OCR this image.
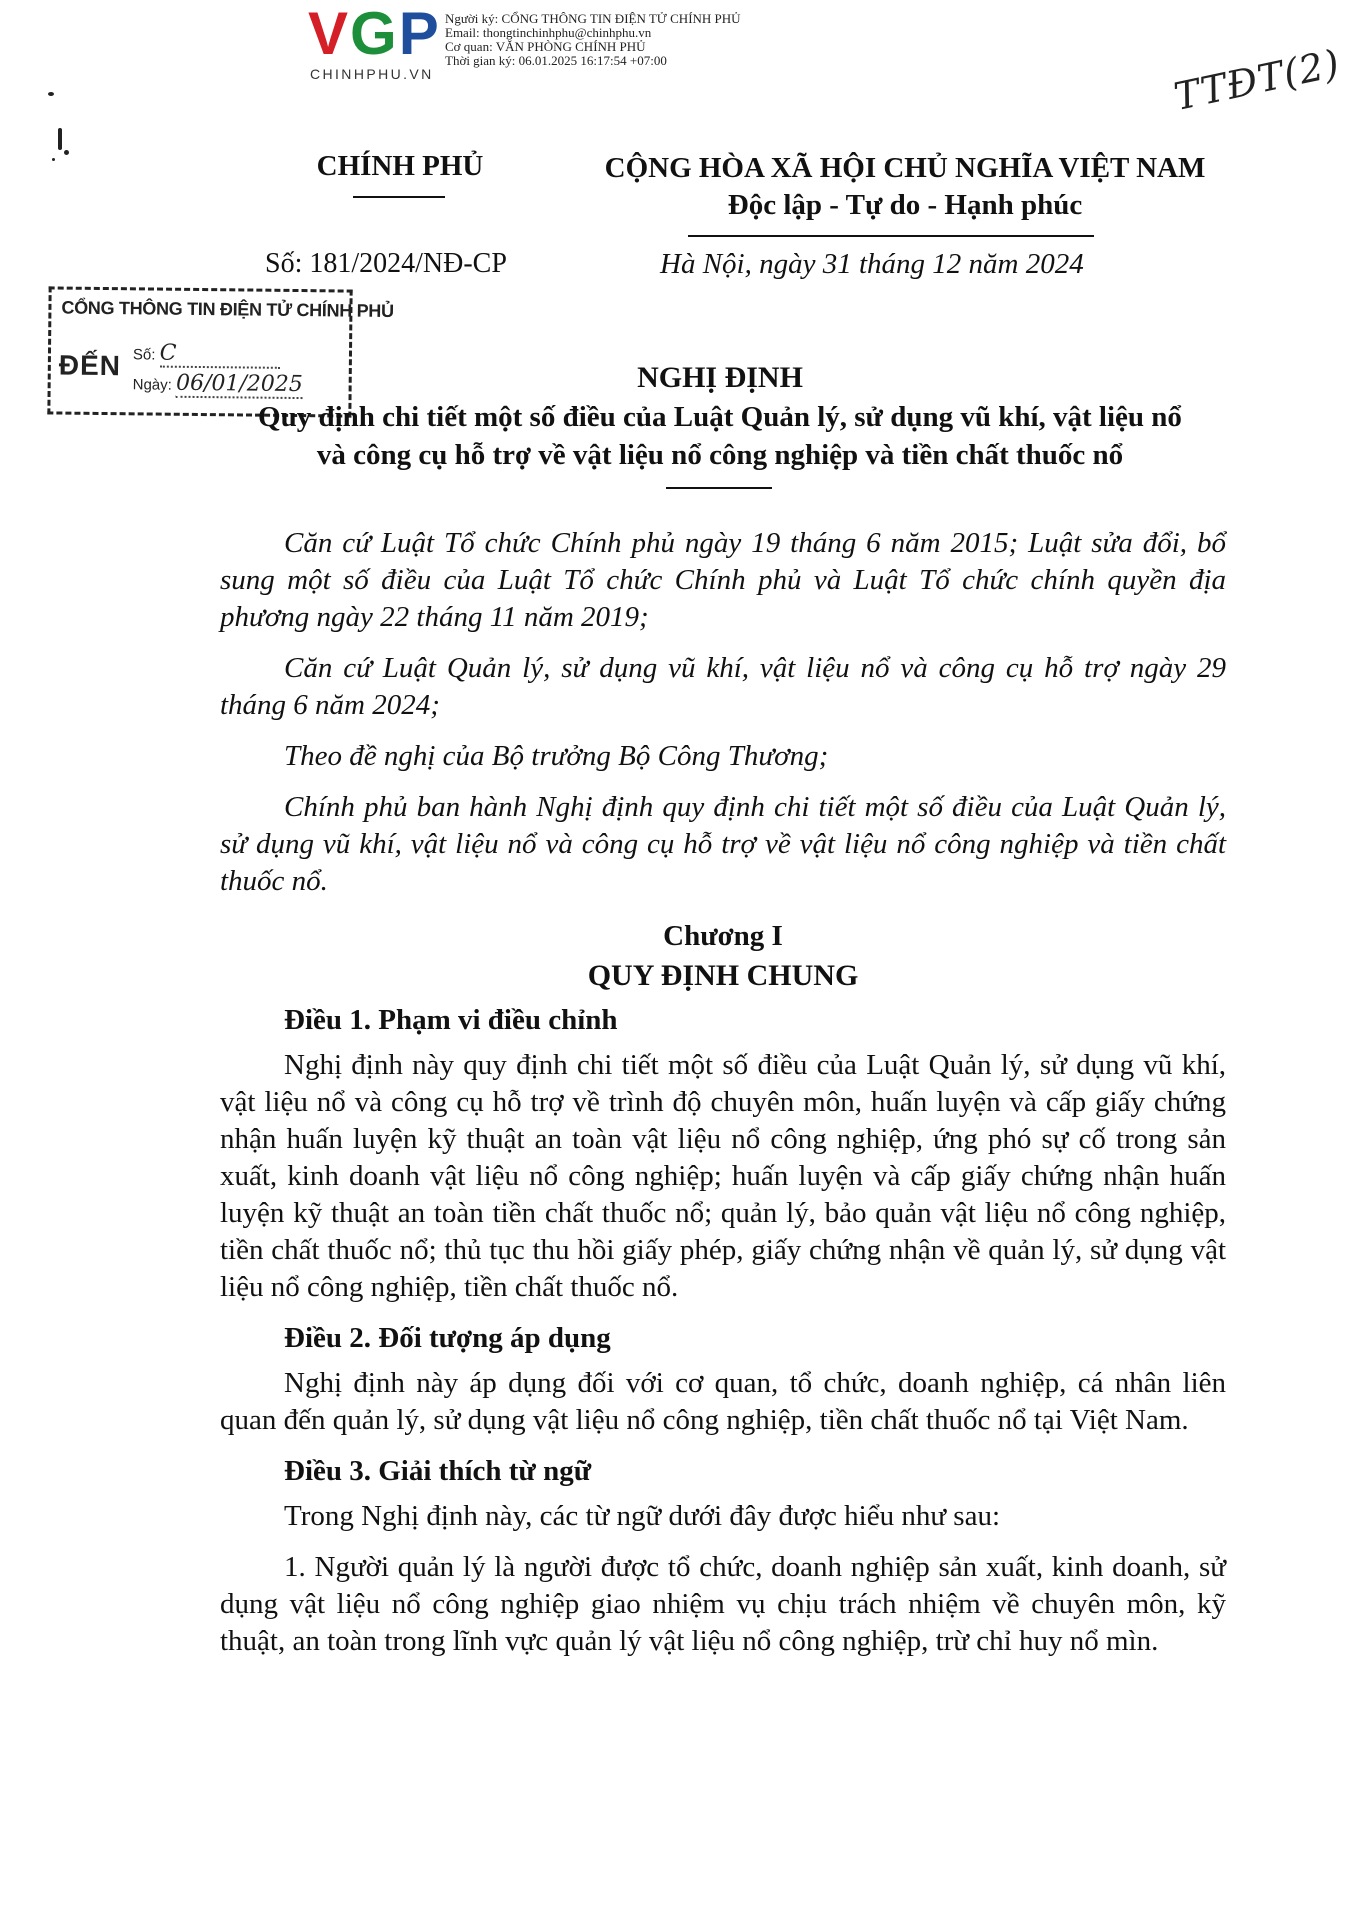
VGP
CHINHPHU.VN
Người ký: CỔNG THÔNG TIN ĐIỆN TỬ CHÍNH PHỦ
Email: thongtinchinhphu@chinhphu.vn
Cơ quan: VĂN PHÒNG CHÍNH PHỦ
Thời gian ký: 06.01.2025 16:17:54 +07:00	TTĐT(2)
CHÍNH PHỦ	CỘNG HÒA XÃ HỘI CHỦ NGHĨA VIỆT NAM
Độc lập - Tự do - Hạnh phúc
Số: 181/2024/NĐ-CP	Hà Nội, ngày 31 tháng 12 năm 2024
CỔNG THÔNG TIN ĐIỆN TỬ CHÍNH PHỦ
ĐẾN Số: C
Ngày: 06/01/2025	NGHỊ ĐỊNH
Quy định chi tiết một số điều của Luật Quản lý, sử dụng vũ khí, vật liệu nổ
và công cụ hỗ trợ về vật liệu nổ công nghiệp và tiền chất thuốc nổ

Căn cứ Luật Tổ chức Chính phủ ngày 19 tháng 6 năm 2015; Luật sửa đổi, bổ sung một số điều của Luật Tổ chức Chính phủ và Luật Tổ chức chính quyền địa phương ngày 22 tháng 11 năm 2019;

Căn cứ Luật Quản lý, sử dụng vũ khí, vật liệu nổ và công cụ hỗ trợ ngày 29 tháng 6 năm 2024;

Theo đề nghị của Bộ trưởng Bộ Công Thương;

Chính phủ ban hành Nghị định quy định chi tiết một số điều của Luật Quản lý, sử dụng vũ khí, vật liệu nổ và công cụ hỗ trợ về vật liệu nổ công nghiệp và tiền chất thuốc nổ.

Chương I
QUY ĐỊNH CHUNG

Điều 1. Phạm vi điều chỉnh

Nghị định này quy định chi tiết một số điều của Luật Quản lý, sử dụng vũ khí, vật liệu nổ và công cụ hỗ trợ về trình độ chuyên môn, huấn luyện và cấp giấy chứng nhận huấn luyện kỹ thuật an toàn vật liệu nổ công nghiệp, ứng phó sự cố trong sản xuất, kinh doanh vật liệu nổ công nghiệp; huấn luyện và cấp giấy chứng nhận huấn luyện kỹ thuật an toàn tiền chất thuốc nổ; quản lý, bảo quản vật liệu nổ công nghiệp, tiền chất thuốc nổ; thủ tục thu hồi giấy phép, giấy chứng nhận về quản lý, sử dụng vật liệu nổ công nghiệp, tiền chất thuốc nổ.

Điều 2. Đối tượng áp dụng

Nghị định này áp dụng đối với cơ quan, tổ chức, doanh nghiệp, cá nhân liên quan đến quản lý, sử dụng vật liệu nổ công nghiệp, tiền chất thuốc nổ tại Việt Nam.

Điều 3. Giải thích từ ngữ

Trong Nghị định này, các từ ngữ dưới đây được hiểu như sau:

1. Người quản lý là người được tổ chức, doanh nghiệp sản xuất, kinh doanh, sử dụng vật liệu nổ công nghiệp giao nhiệm vụ chịu trách nhiệm về chuyên môn, kỹ thuật, an toàn trong lĩnh vực quản lý vật liệu nổ công nghiệp, trừ chỉ huy nổ mìn.
